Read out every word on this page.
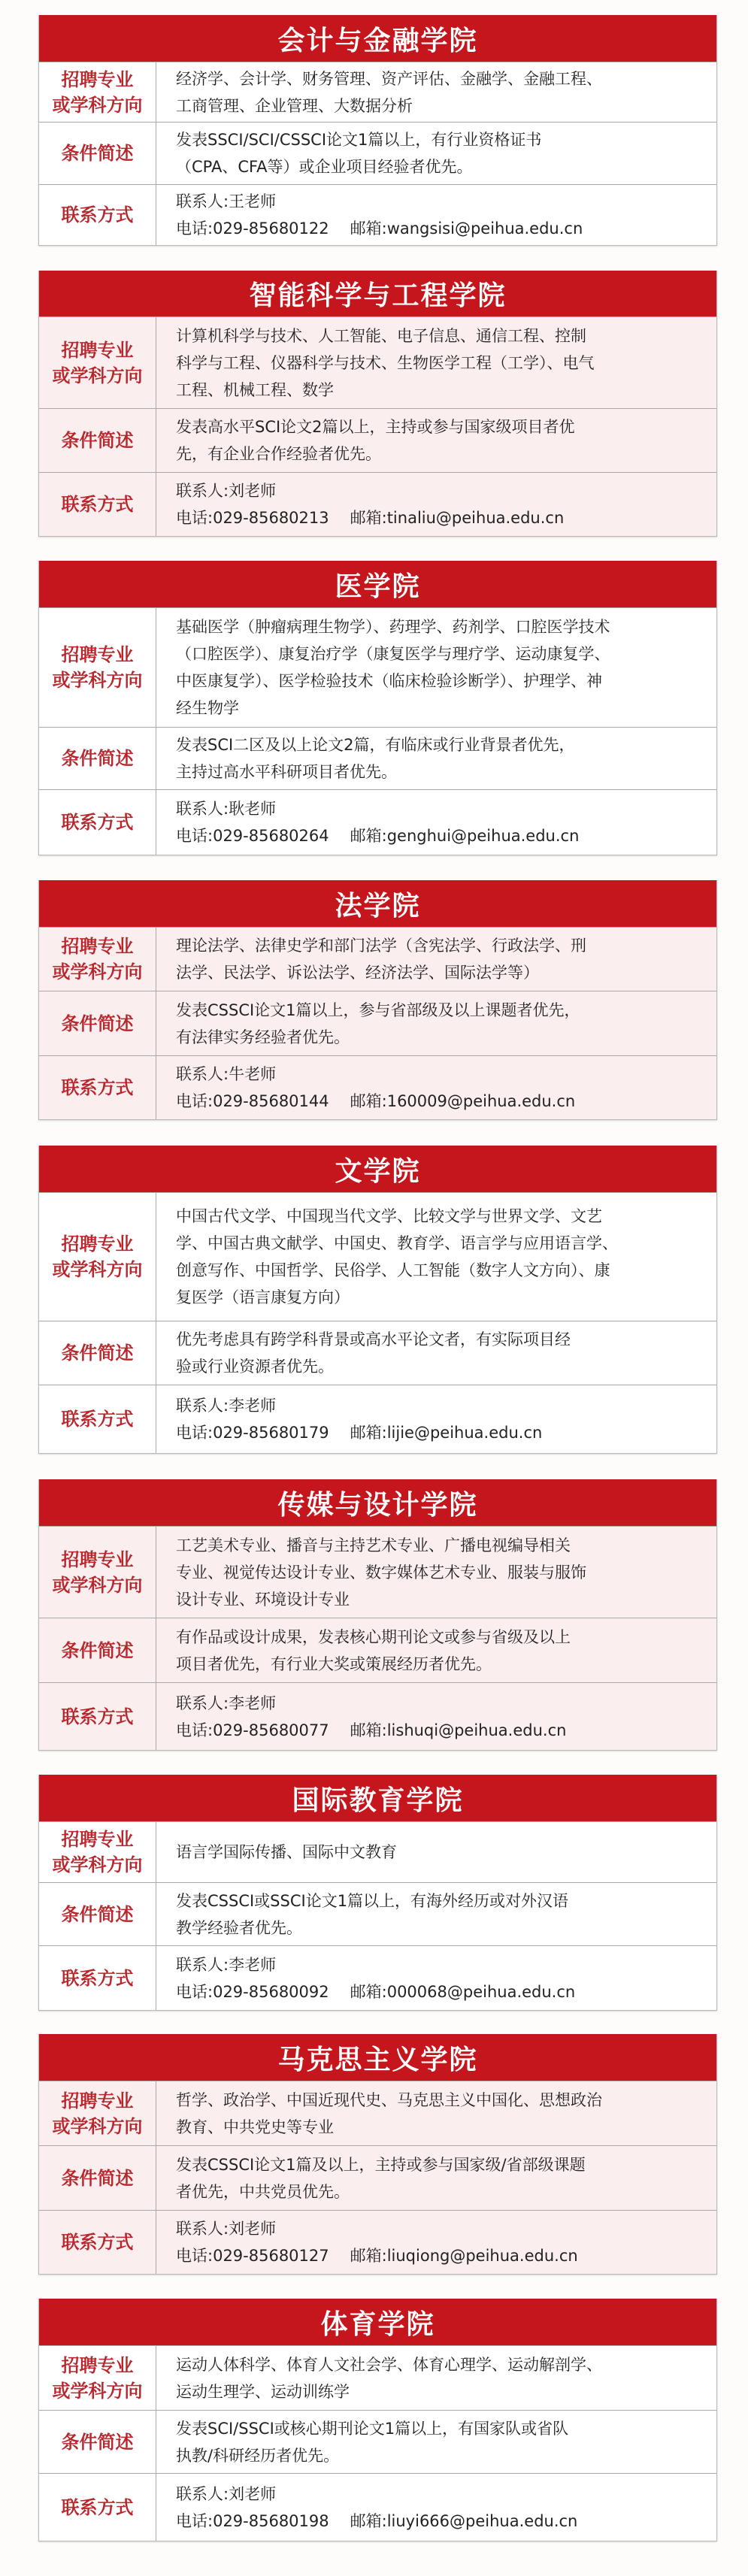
会计与金融学院
招聘专业
或学科方向
经济学、会计学、财务管理、资产评估、金融学、金融工程、
工商管理、企业管理、大数据分析
条件简述
发表SSCI/SCI/CSSCI论文1篇以上，有行业资格证书
（CPA、CFA等）或企业项目经验者优先。
联系方式
联系人:王老师
电话:029-85680122 邮箱:wangsisi@peihua.edu.cn
智能科学与工程学院
招聘专业
或学科方向
计算机科学与技术、人工智能、电子信息、通信工程、控制
科学与工程、仪器科学与技术、生物医学工程（工学）、电气
工程、机械工程、数学
条件简述
发表高水平SCI论文2篇以上，主持或参与国家级项目者优
先，有企业合作经验者优先。
联系方式
联系人:刘老师
电话:029-85680213 邮箱:tinaliu@peihua.edu.cn
医学院
招聘专业
或学科方向
基础医学（肿瘤病理生物学）、药理学、药剂学、口腔医学技术
（口腔医学）、康复治疗学（康复医学与理疗学、运动康复学、
中医康复学）、医学检验技术（临床检验诊断学）、护理学、神
经生物学
条件简述
发表SCI二区及以上论文2篇，有临床或行业背景者优先，
主持过高水平科研项目者优先。
联系方式
联系人:耿老师
电话:029-85680264 邮箱:genghui@peihua.edu.cn
法学院
招聘专业
或学科方向
理论法学、法律史学和部门法学（含宪法学、行政法学、刑
法学、民法学、诉讼法学、经济法学、国际法学等）
条件简述
发表CSSCI论文1篇以上，参与省部级及以上课题者优先，
有法律实务经验者优先。
联系方式
联系人:牛老师
电话:029-85680144 邮箱:160009@peihua.edu.cn
文学院
招聘专业
或学科方向
中国古代文学、中国现当代文学、比较文学与世界文学、文艺
学、中国古典文献学、中国史、教育学、语言学与应用语言学、
创意写作、中国哲学、民俗学、人工智能（数字人文方向）、康
复医学（语言康复方向）
条件简述
优先考虑具有跨学科背景或高水平论文者，有实际项目经
验或行业资源者优先。
联系方式
联系人:李老师
电话:029-85680179 邮箱:lijie@peihua.edu.cn
传媒与设计学院
招聘专业
或学科方向
工艺美术专业、播音与主持艺术专业、广播电视编导相关
专业、视觉传达设计专业、数字媒体艺术专业、服装与服饰
设计专业、环境设计专业
条件简述
有作品或设计成果，发表核心期刊论文或参与省级及以上
项目者优先，有行业大奖或策展经历者优先。
联系方式
联系人:李老师
电话:029-85680077 邮箱:lishuqi@peihua.edu.cn
国际教育学院
招聘专业
或学科方向
语言学国际传播、国际中文教育
条件简述
发表CSSCI或SSCI论文1篇以上，有海外经历或对外汉语
教学经验者优先。
联系方式
联系人:李老师
电话:029-85680092 邮箱:000068@peihua.edu.cn
马克思主义学院
招聘专业
或学科方向
哲学、政治学、中国近现代史、马克思主义中国化、思想政治
教育、中共党史等专业
条件简述
发表CSSCI论文1篇及以上，主持或参与国家级/省部级课题
者优先，中共党员优先。
联系方式
联系人:刘老师
电话:029-85680127 邮箱:liuqiong@peihua.edu.cn
体育学院
招聘专业
或学科方向
运动人体科学、体育人文社会学、体育心理学、运动解剖学、
运动生理学、运动训练学
条件简述
发表SCI/SSCI或核心期刊论文1篇以上，有国家队或省队
执教/科研经历者优先。
联系方式
联系人:刘老师
电话:029-85680198 邮箱:liuyi666@peihua.edu.cn
